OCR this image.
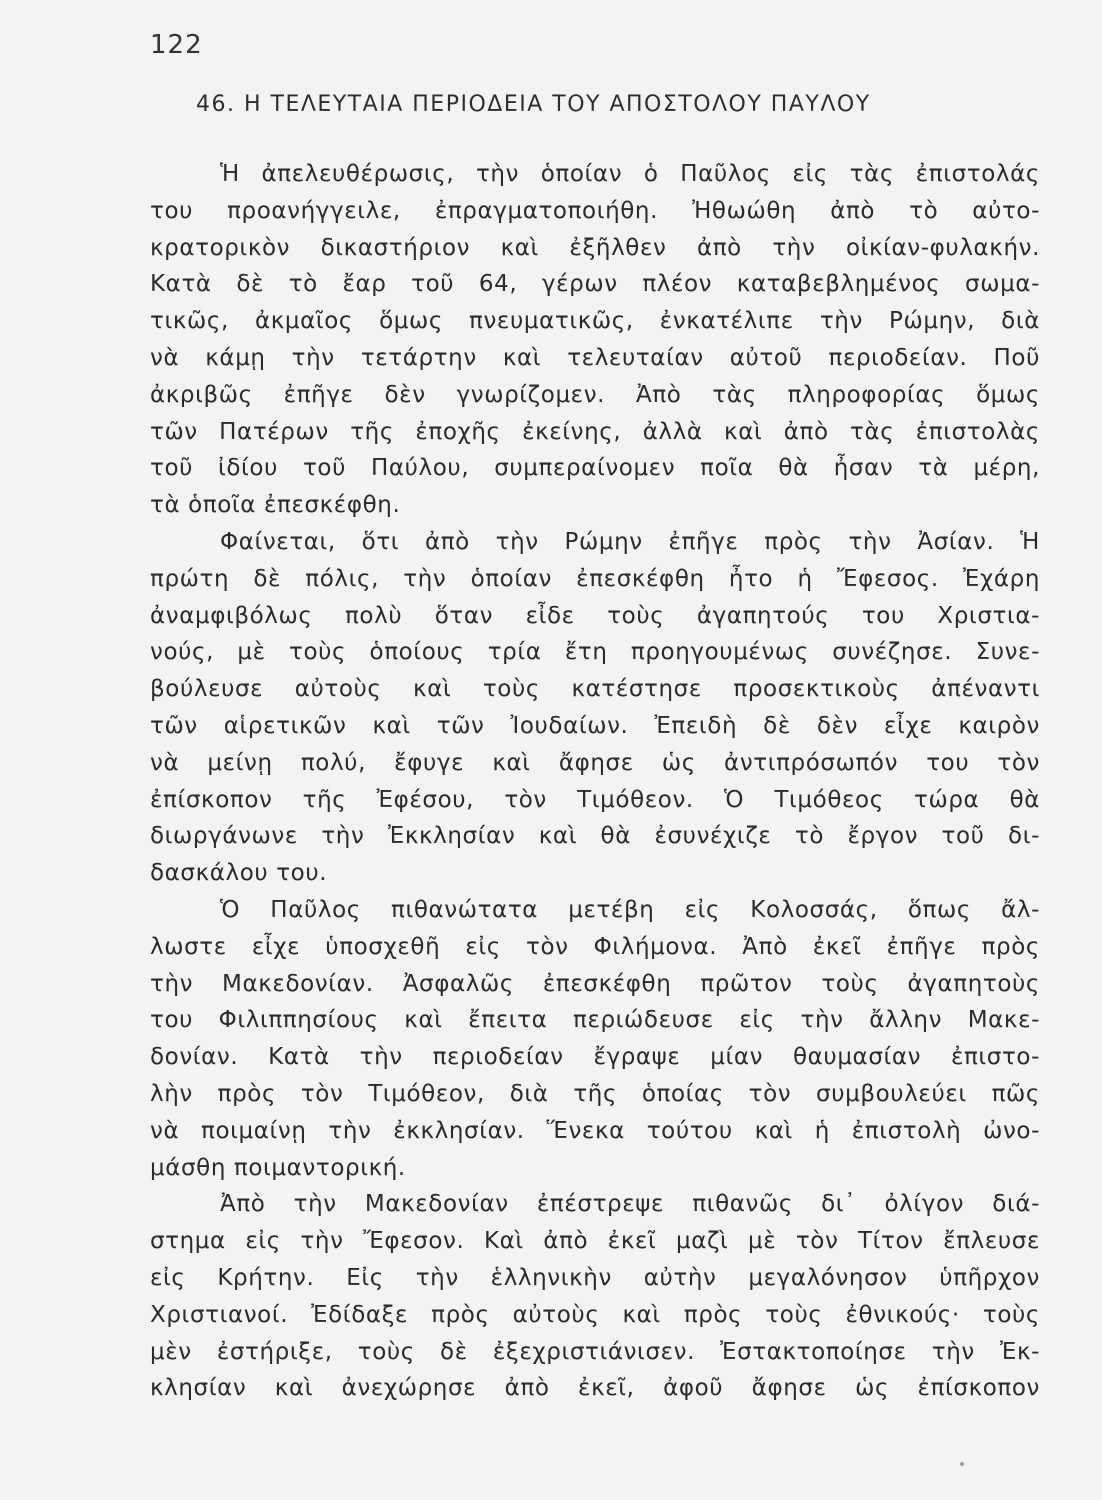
122
46. Η ΤΕΛΕΥΤΑΙΑ ΠΕΡΙΟΔΕΙΑ ΤΟΥ ΑΠΟΣΤΟΛΟΥ ΠΑΥΛΟΥ
Ἡ ἀπελευθέρωσις, τὴν ὁποίαν ὁ Παῦλος εἰς τὰς ἐπιστολάς
του προανήγγειλε, ἐπραγματοποιήθη. Ἠθωώθη ἀπὸ τὸ αὐτο-
κρατορικὸν δικαστήριον καὶ ἐξῆλθεν ἀπὸ τὴν οἰκίαν-φυλακήν.
Κατὰ δὲ τὸ ἔαρ τοῦ 64, γέρων πλέον καταβεβλημένος σωμα-
τικῶς, ἀκμαῖος ὅμως πνευματικῶς, ἐνκατέλιπε τὴν Ρώμην, διὰ
νὰ κάμῃ τὴν τετάρτην καὶ τελευταίαν αὐτοῦ περιοδείαν. Ποῦ
ἀκριβῶς ἐπῆγε δὲν γνωρίζομεν. Ἀπὸ τὰς πληροφορίας ὅμως
τῶν Πατέρων τῆς ἐποχῆς ἐκείνης, ἀλλὰ καὶ ἀπὸ τὰς ἐπιστολὰς
τοῦ ἰδίου τοῦ Παύλου, συμπεραίνομεν ποῖα θὰ ἦσαν τὰ μέρη,
τὰ ὁποῖα ἐπεσκέφθη.
Φαίνεται, ὅτι ἀπὸ τὴν Ρώμην ἐπῆγε πρὸς τὴν Ἀσίαν. Ἡ
πρώτη δὲ πόλις, τὴν ὁποίαν ἐπεσκέφθη ἦτο ἡ Ἔφεσος. Ἐχάρη
ἀναμφιβόλως πολὺ ὅταν εἶδε τοὺς ἀγαπητούς του Χριστια-
νούς, μὲ τοὺς ὁποίους τρία ἔτη προηγουμένως συνέζησε. Συνε-
βούλευσε αὐτοὺς καὶ τοὺς κατέστησε προσεκτικοὺς ἀπέναντι
τῶν αἱρετικῶν καὶ τῶν Ἰουδαίων. Ἐπειδὴ δὲ δὲν εἶχε καιρὸν
νὰ μείνῃ πολύ, ἔφυγε καὶ ἄφησε ὡς ἀντιπρόσωπόν του τὸν
ἐπίσκοπον τῆς Ἐφέσου, τὸν Τιμόθεον. Ὁ Τιμόθεος τώρα θὰ
διωργάνωνε τὴν Ἐκκλησίαν καὶ θὰ ἐσυνέχιζε τὸ ἔργον τοῦ δι-
δασκάλου του.
Ὁ Παῦλος πιθανώτατα μετέβη εἰς Κολοσσάς, ὅπως ἄλ-
λωστε εἶχε ὑποσχεθῆ εἰς τὸν Φιλήμονα. Ἀπὸ ἐκεῖ ἐπῆγε πρὸς
τὴν Μακεδονίαν. Ἀσφαλῶς ἐπεσκέφθη πρῶτον τοὺς ἀγαπητοὺς
του Φιλιππησίους καὶ ἔπειτα περιώδευσε εἰς τὴν ἄλλην Μακε-
δονίαν. Κατὰ τὴν περιοδείαν ἔγραψε μίαν θαυμασίαν ἐπιστο-
λὴν πρὸς τὸν Τιμόθεον, διὰ τῆς ὁποίας τὸν συμβουλεύει πῶς
νὰ ποιμαίνῃ τὴν ἐκκλησίαν. Ἕνεκα τούτου καὶ ἡ ἐπιστολὴ ὠνο-
μάσθη ποιμαντορική.
Ἀπὸ τὴν Μακεδονίαν ἐπέστρεψε πιθανῶς δι᾽ ὀλίγον διά-
στημα εἰς τὴν Ἔφεσον. Καὶ ἀπὸ ἐκεῖ μαζὶ μὲ τὸν Τίτον ἔπλευσε
εἰς Κρήτην. Εἰς τὴν ἑλληνικὴν αὐτὴν μεγαλόνησον ὑπῆρχον
Χριστιανοί. Ἐδίδαξε πρὸς αὐτοὺς καὶ πρὸς τοὺς ἐθνικούς· τοὺς
μὲν ἐστήριξε, τοὺς δὲ ἐξεχριστιάνισεν. Ἐστακτοποίησε τὴν Ἐκ-
κλησίαν καὶ ἀνεχώρησε ἀπὸ ἐκεῖ, ἀφοῦ ἄφησε ὡς ἐπίσκοπον
